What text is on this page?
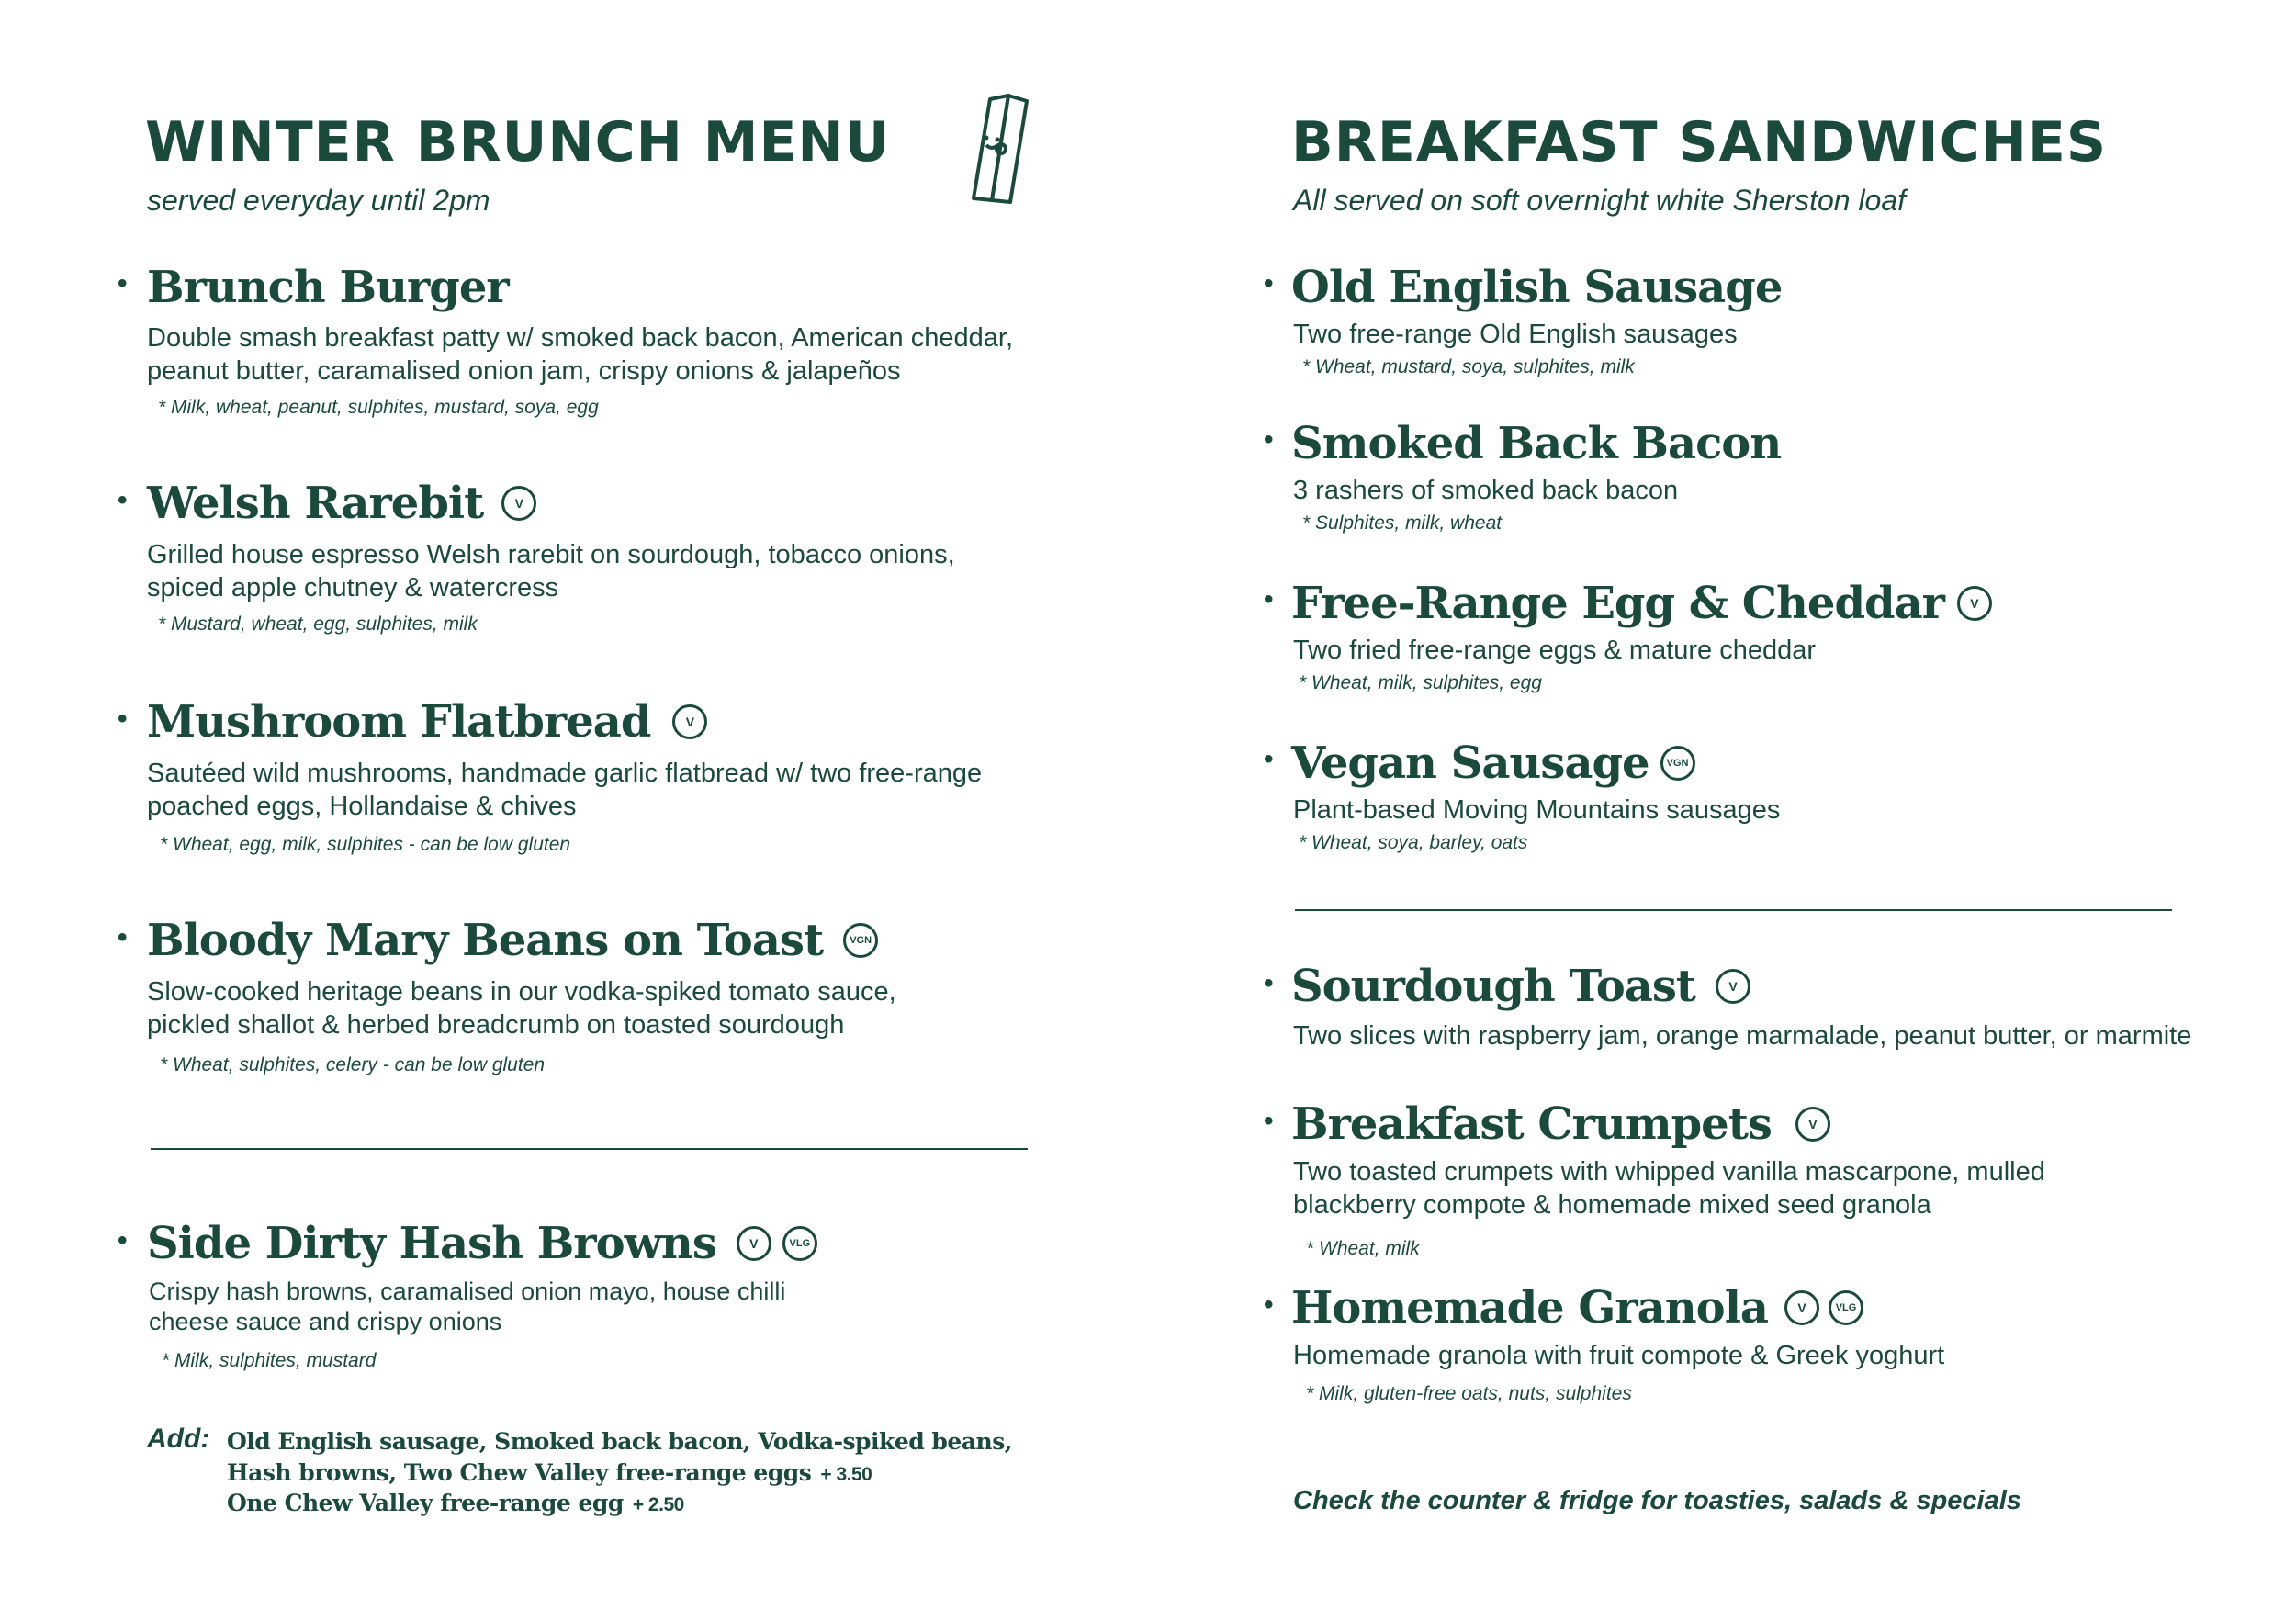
WINTER BRUNCH MENU
served everyday until 2pm
• Brunch Burger
Double smash breakfast patty w/ smoked back bacon, American cheddar,
peanut butter, caramalised onion jam, crispy onions & jalapeños
* Milk, wheat, peanut, sulphites, mustard, soya, egg
• Welsh Rarebit	V
Grilled house espresso Welsh rarebit on sourdough, tobacco onions,
spiced apple chutney & watercress
* Mustard, wheat, egg, sulphites, milk
• Mushroom Flatbread	V
Sautéed wild mushrooms, handmade garlic flatbread w/ two free-range
poached eggs, Hollandaise & chives
* Wheat, egg, milk, sulphites - can be low gluten
• Bloody Mary Beans on Toast	VGN
Slow-cooked heritage beans in our vodka-spiked tomato sauce,
pickled shallot & herbed breadcrumb on toasted sourdough
* Wheat, sulphites, celery - can be low gluten
• Side Dirty Hash Browns	V	VLG
Crispy hash browns, caramalised onion mayo, house chilli
cheese sauce and crispy onions
* Milk, sulphites, mustard
Add: Old English sausage, Smoked back bacon, Vodka-spiked beans,
Hash browns, Two Chew Valley free-range eggs + 3.50
One Chew Valley free-range egg + 2.50
BREAKFAST SANDWICHES
All served on soft overnight white Sherston loaf
• Old English Sausage
Two free-range Old English sausages
* Wheat, mustard, soya, sulphites, milk
• Smoked Back Bacon
3 rashers of smoked back bacon
* Sulphites, milk, wheat
• Free-Range Egg & Cheddar	V
Two fried free-range eggs & mature cheddar
* Wheat, milk, sulphites, egg
• Vegan Sausage	VGN
Plant-based Moving Mountains sausages
* Wheat, soya, barley, oats
• Sourdough Toast	V
Two slices with raspberry jam, orange marmalade, peanut butter, or marmite
• Breakfast Crumpets	V
Two toasted crumpets with whipped vanilla mascarpone, mulled
blackberry compote & homemade mixed seed granola
* Wheat, milk
• Homemade Granola	V	VLG
Homemade granola with fruit compote & Greek yoghurt
* Milk, gluten-free oats, nuts, sulphites
Check the counter & fridge for toasties, salads & specials
